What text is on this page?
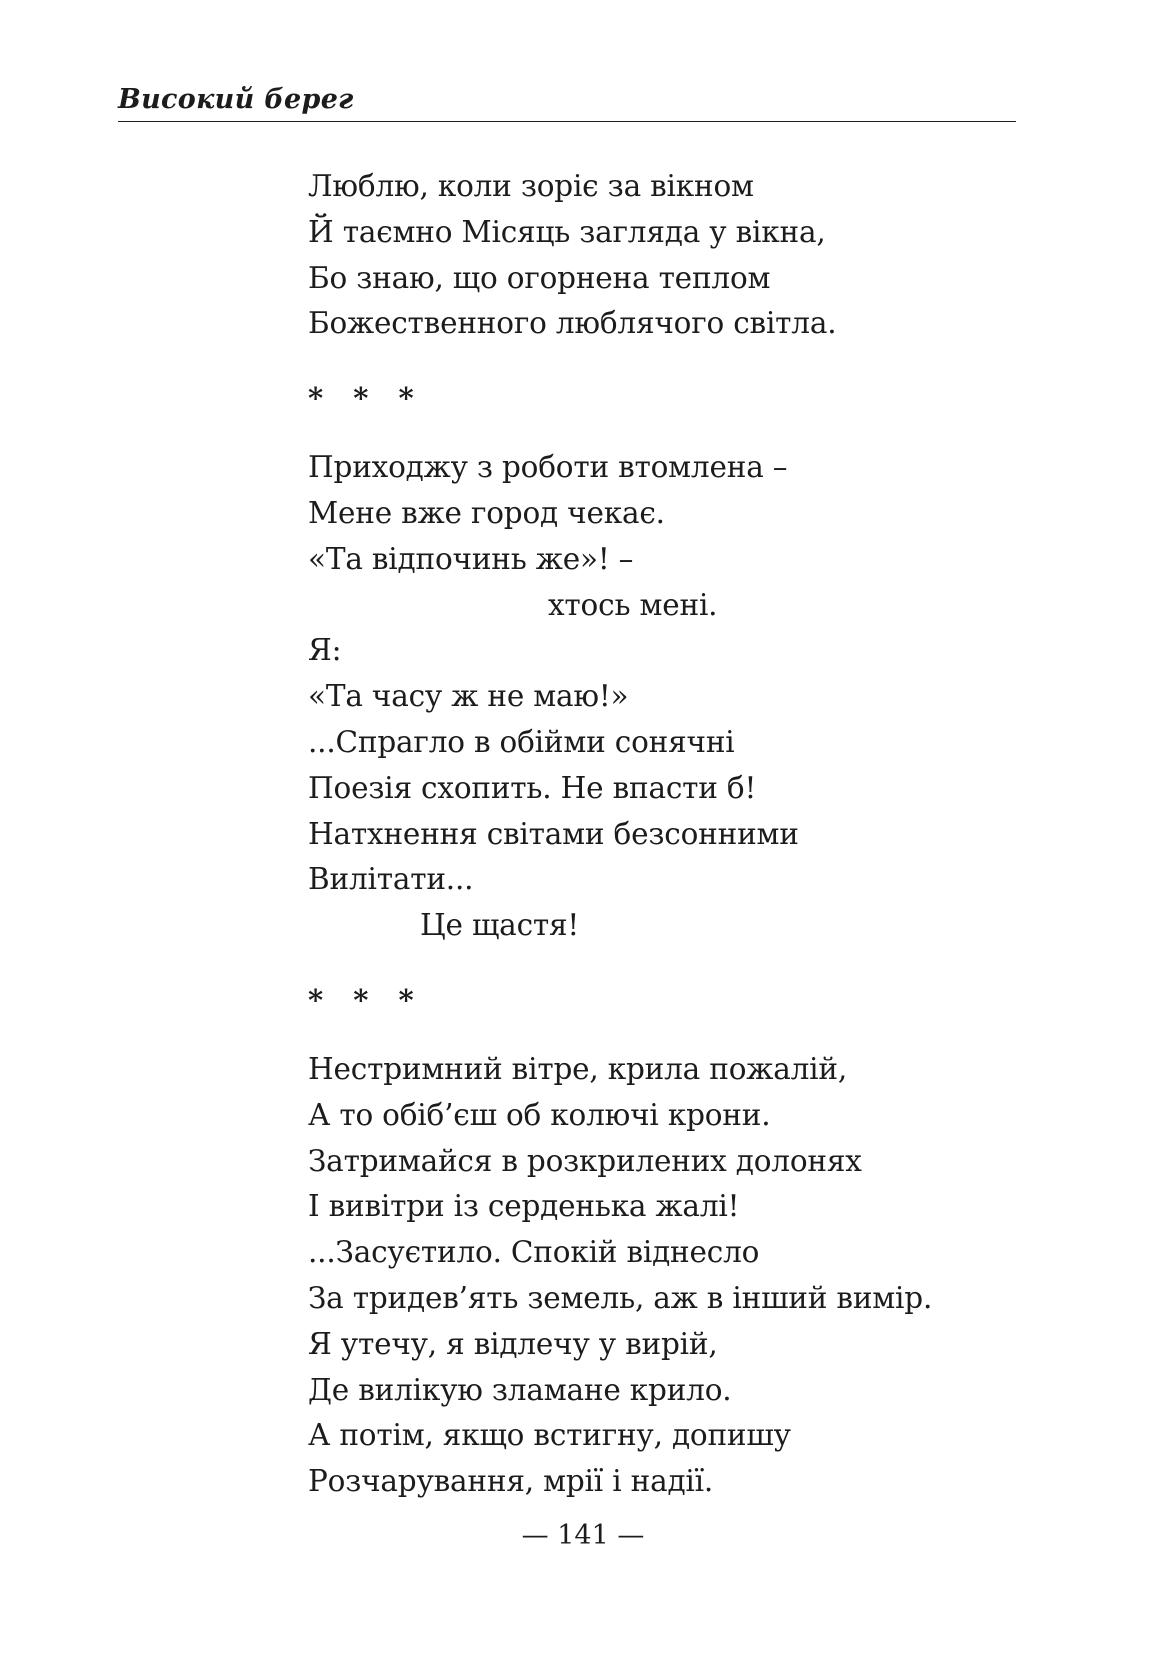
Високий берег
Люблю, коли зоріє за вікном
Й таємно Місяць загляда у вікна,
Бо знаю, що огорнена теплом
Божественного люблячого світла.
* * *
Приходжу з роботи втомлена –
Мене вже город чекає.
«Та відпочинь же»! –
хтось мені.
Я:
«Та часу ж не маю!»
...Спрагло в обійми сонячні
Поезія схопить. Не впасти б!
Натхнення світами безсонними
Вилітати...
Це щастя!
* * *
Нестримний вітре, крила пожалій,
А то обіб’єш об колючі крони.
Затримайся в розкрилених долонях
І вивітри із серденька жалі!
...Засуєтило. Спокій віднесло
За тридев’ять земель, аж в інший вимір.
Я утечу, я відлечу у вирій,
Де вилікую зламане крило.
А потім, якщо встигну, допишу
Розчарування, мрії і надії.
— 141 —
